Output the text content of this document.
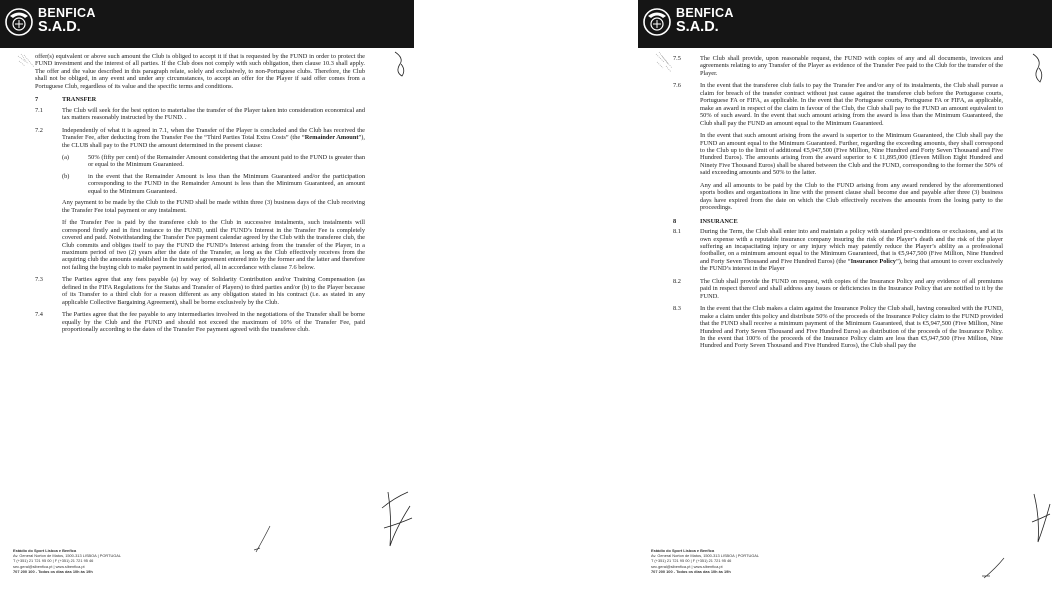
BENFICA
S.A.D.

offer(s) equivalent or above such amount the Club is obliged to accept it if that is requested by the FUND in order to protect the FUND investment and the interest of all parties. If the Club does not comply with such obligation, then clause 10.3 shall apply. The offer and the value described in this paragraph relate, solely and exclusively, to non-Portuguese clubs. Therefore, the Club shall not be obliged, in any event and under any circumstances, to accept an offer for the Player if said offer comes from a Portuguese Club, regardless of its value and the specific terms and conditions.

7	TRANSFER
7.1	The Club will seek for the best option to materialise the transfer of the Player taken into consideration economical and tax matters reasonably instructed by the FUND. .
7.2	Independently of what it is agreed in 7.1, when the Transfer of the Player is concluded and the Club has received the Transfer Fee, after deducting from the Transfer Fee the “Third Parties Total Extra Costs” (the “Remainder Amount”), the CLUB shall pay to the FUND the amount determined in the present clause:
(a)	50% (fifty per cent) of the Remainder Amount considering that the amount paid to the FUND is greater than or equal to the Minimum Guaranteed.
(b)	in the event that the Remainder Amount is less than the Minimum Guaranteed and/or the participation corresponding to the FUND in the Remainder Amount is less than the Minimum Guaranteed, an amount equal to the Minimum Guaranteed.

Any payment to be made by the Club to the FUND shall be made within three (3) business days of the Club receiving the Transfer Fee total payment or any instalment.

If the Transfer Fee is paid by the transferee club to the Club in successive instalments, such instalments will correspond firstly and in first instance to the FUND, until the FUND’s Interest in the Transfer Fee is completely covered and paid. Notwithstanding the Transfer Fee payment calendar agreed by the Club with the transferee club, the Club commits and obliges itself to pay the FUND the FUND’s Interest arising from the transfer of the Player, in a maximum period of two (2) years after the date of the Transfer, as long as the Club effectively receives from the acquiring club the amounts established in the transfer agreement entered into by the former and the latter and therefore not failing the buying club to make payment in said period, all in accordance with clause 7.6 below.

7.3	The Parties agree that any fees payable (a) by way of Solidarity Contribution and/or Training Compensation (as defined in the FIFA Regulations for the Status and Transfer of Players) to third parties and/or (b) to the Player because of its Transfer to a third club for a reason different as any obligation stated in his contract (i.e. as stated in any applicable Collective Bargaining Agreement), shall be borne exclusively by the Club.
7.4	The Parties agree that the fee payable to any intermediaries involved in the negotiations of the Transfer shall be borne equally by the Club and the FUND and should not exceed the maximum of 10% of the Transfer Fee, paid proportionally according to the dates of the Transfer Fee payment agreed with the transferee club.
Estádio do Sport Lisboa e Benfica
Av. General Norton de Matos, 1500-313 LISBOA | PORTUGAL
T (+351) 21 721 95 00 | F (+351) 21 721 95 46
sec.geral@slbenfica.pt | www.slbenfica.pt
707 200 100 - Todos os dias das 10h às 19h
BENFICA
S.A.D.
7.5	The Club shall provide, upon reasonable request, the FUND with copies of any and all documents, invoices and agreements relating to any Transfer of the Player as evidence of the Transfer Fee paid to the Club for the transfer of the Player.
7.6	In the event that the transferee club fails to pay the Transfer Fee and/or any of its instalments, the Club shall pursue a claim for breach of the transfer contract without just cause against the transferee club before the Portuguese courts, Portuguese FA or FIFA, as applicable. In the event that the Portuguese courts, Portuguese FA or FIFA, as applicable, make an award in respect of the claim in favour of the Club, the Club shall pay to the FUND an amount equivalent to 50% of such award. In the event that such amount arising from the award is less than the Minimum Guaranteed, the Club shall pay the FUND an amount equal to the Minimum Guaranteed.

In the event that such amount arising from the award is superior to the Minimum Guaranteed, the Club shall pay the FUND an amount equal to the Minimum Guaranteed. Further, regarding the exceeding amounts, they shall correspond to the Club up to the limit of additional €5,947,500 (Five Million, Nine Hundred and Forty Seven Thousand and Five Hundred Euros). The amounts arising from the award superior to € 11,895,000 (Eleven Million Eight Hundred and Ninety Five Thousand Euros) shall be shared between the Club and the FUND, corresponding to the former the 50% of said exceeding amounts and 50% to the latter.

Any and all amounts to be paid by the Club to the FUND arising from any award rendered by the aforementioned sports bodies and organizations in line with the present clause shall become due and payable after three (3) business days have expired from the date on which the Club effectively receives the amounts from the losing party to the proceedings.

8	INSURANCE
8.1	During the Term, the Club shall enter into and maintain a policy with standard pre-conditions or exclusions, and at its own expense with a reputable insurance company insuring the risk of the Player’s death and the risk of the player suffering an incapacitating injury or any injury which may patently reduce the Player’s ability as a professional footballer, on a minimum amount equal to the Minimum Guaranteed, that is €5,947,500 (Five Million, Nine Hundred and Forty Seven Thousand and Five Hundred Euros) (the “Insurance Policy”), being that amount to cover exclusively the FUND’s interest in the Player
8.2	The Club shall provide the FUND on request, with copies of the Insurance Policy and any evidence of all premiums paid in respect thereof and shall address any issues or deficiencies in the Insurance Policy that are notified to it by the FUND.
8.3	In the event that the Club makes a claim against the Insurance Policy the Club shall, having consulted with the FUND, make a claim under this policy and distribute 50% of the proceeds of the Insurance Policy claim to the FUND provided that the FUND shall receive a minimum payment of the Minimum Guaranteed, that is €5,947,500 (Five Million, Nine Hundred and Forty Seven Thousand and Five Hundred Euros) as distribution of the proceeds of the Insurance Policy. In the event that 100% of the proceeds of the Insurance Policy claim are less than €5,947,500 (Five Million, Nine Hundred and Forty Seven Thousand and Five Hundred Euros), the Club shall pay the
Estádio do Sport Lisboa e Benfica
Av. General Norton de Matos, 1500-313 LISBOA | PORTUGAL
T (+351) 21 721 95 00 | F (+351) 21 721 95 46
sec.geral@slbenfica.pt | www.slbenfica.pt
707 200 100 - Todos os dias das 10h às 19h
